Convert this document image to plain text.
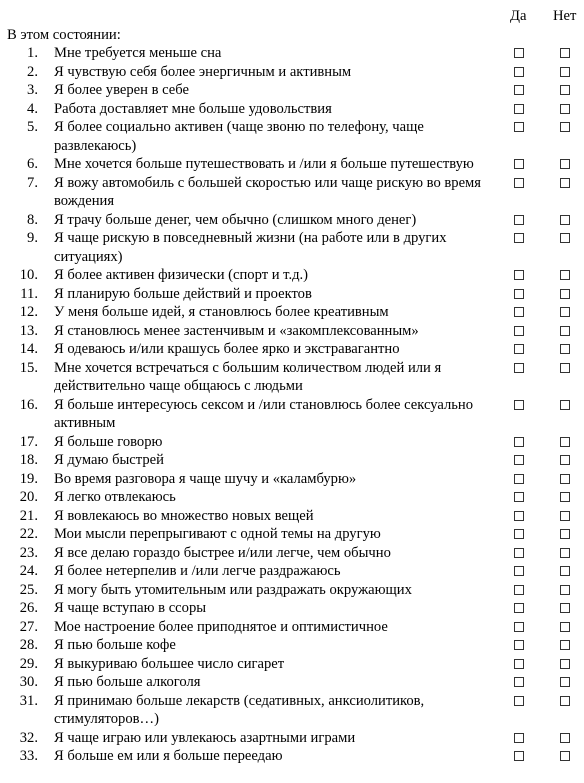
Да Нет
В этом состоянии:
1. Мне требуется меньше сна
2. Я чувствую себя более энергичным и активным
3. Я более уверен в себе
4. Работа доставляет мне больше удовольствия
5. Я более социально активен (чаще звоню по телефону, чаще развлекаюсь)
6. Мне хочется больше путешествовать и /или я больше путешествую
7. Я вожу автомобиль с большей скоростью или чаще рискую во время вождения
8. Я трачу больше денег, чем обычно (слишком много денег)
9. Я чаще рискую в повседневный жизни (на работе или в других ситуациях)
10. Я более активен физически (спорт и т.д.)
11. Я планирую больше действий и проектов
12. У меня больше идей, я становлюсь более креативным
13. Я становлюсь менее застенчивым и «закомплексованным»
14. Я одеваюсь и/или крашусь более ярко и экстравагантно
15. Мне хочется встречаться с большим количеством людей или я действительно чаще общаюсь с людьми
16. Я больше интересуюсь сексом и /или становлюсь более сексуально активным
17. Я больше говорю
18. Я думаю быстрей
19. Во время разговора я чаще шучу и «каламбурю»
20. Я легко отвлекаюсь
21. Я вовлекаюсь во множество новых вещей
22. Мои мысли перепрыгивают с одной темы на другую
23. Я все делаю гораздо быстрее и/или легче, чем обычно
24. Я более нетерпелив и /или легче раздражаюсь
25. Я могу быть утомительным или раздражать окружающих
26. Я чаще вступаю в ссоры
27. Мое настроение более приподнятое и оптимистичное
28. Я пью больше кофе
29. Я выкуриваю большее число сигарет
30. Я пью больше алкоголя
31. Я принимаю больше лекарств (седативных, анксиолитиков, стимуляторов…)
32. Я чаще играю или увлекаюсь азартными играми
33. Я больше ем или я больше переедаю
